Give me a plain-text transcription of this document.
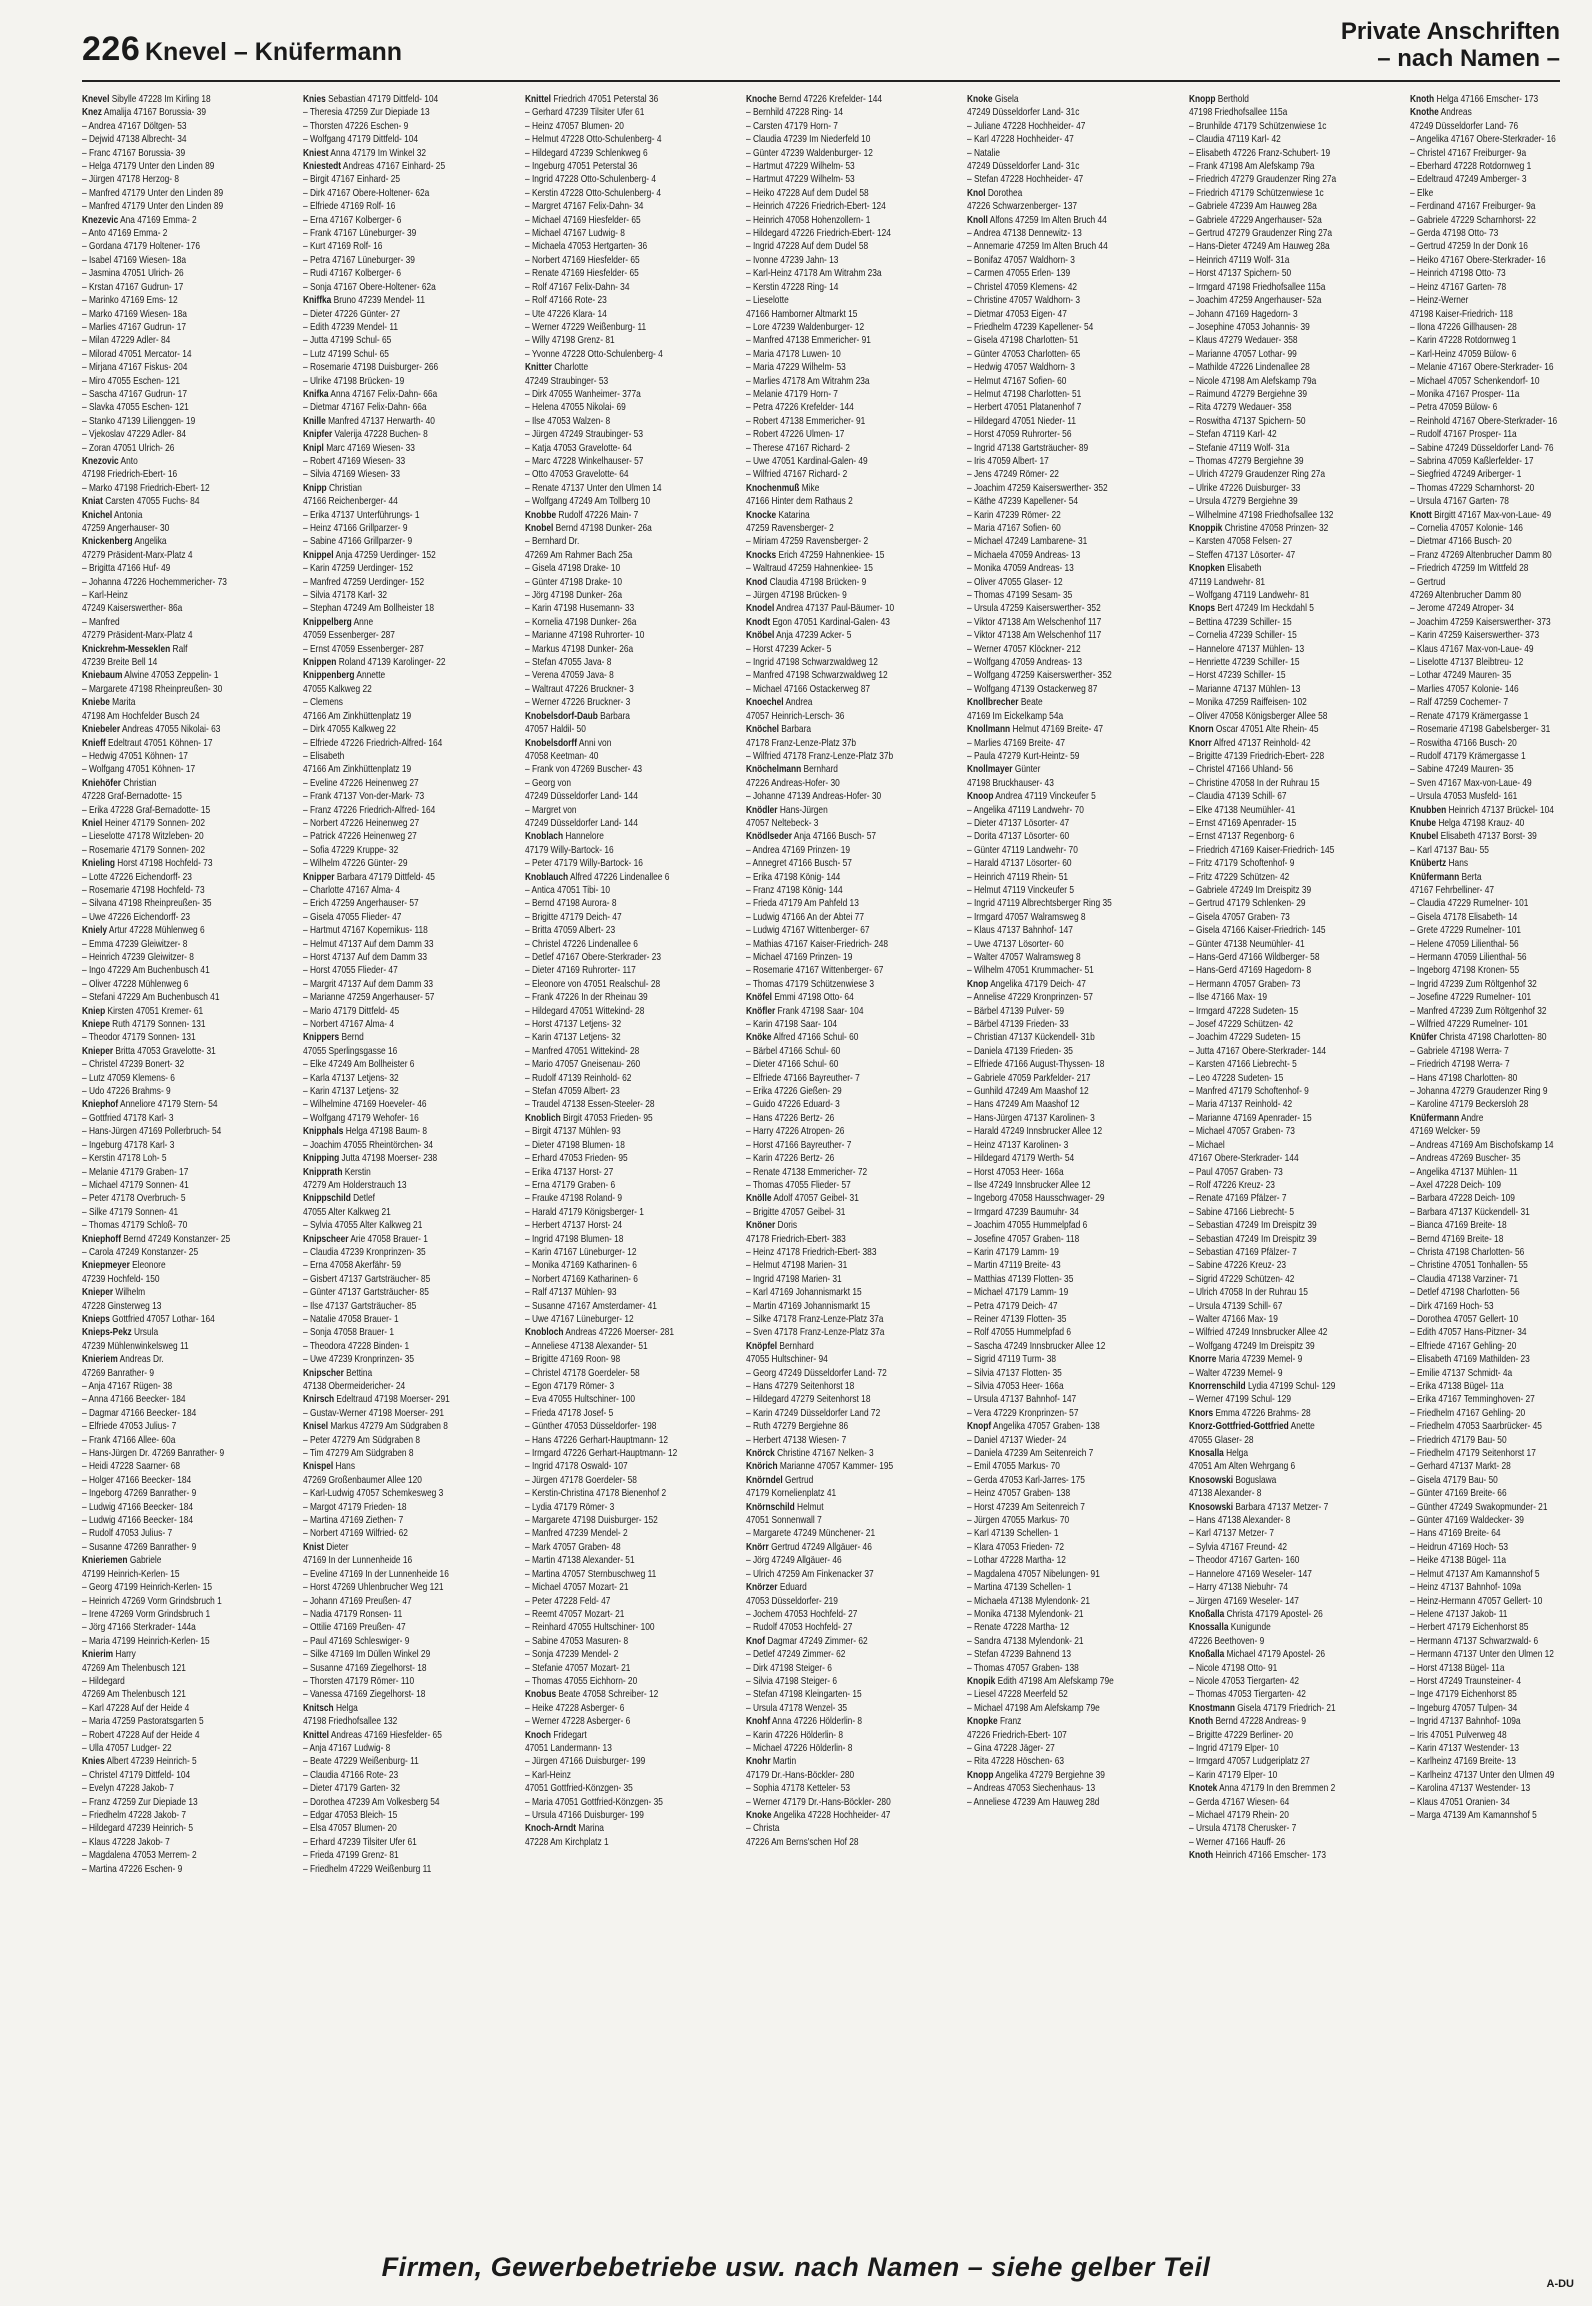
226 Knevel – Knüfermann
Private Anschriften
– nach Namen –
Knevel Sibylle 47228 Im Kirling 18
Knez Amalija 47167 Borussia- 39
– Andrea 47167 Döltgen- 53
– Dejwid 47138 Albrecht- 34
– Franc 47167 Borussia- 39
– Helga 47179 Unter den Linden 89
– Jürgen 47178 Herzog- 8
– Manfred 47179 Unter den Linden 89
– Manfred 47179 Unter den Linden 89
Knezevic Ana 47169 Emma- 2
– Anto 47169 Emma- 2
– Gordana 47179 Holtener- 176
– Isabel 47169 Wiesen- 18a
– Jasmina 47051 Ulrich- 26
– Krstan 47167 Gudrun- 17
– Marinko 47169 Ems- 12
– Marko 47169 Wiesen- 18a
– Marlies 47167 Gudrun- 17
– Milan 47229 Adler- 84
– Milorad 47051 Mercator- 14
– Mirjana 47167 Fiskus- 204
– Miro 47055 Eschen- 121
– Sascha 47167 Gudrun- 17
– Slavka 47055 Eschen- 121
– Stanko 47139 Lilienggen- 19
– Vjekoslav 47229 Adler- 84
– Zoran 47051 Ulrich- 26
Knezovic Anto
47198 Friedrich-Ebert- 16
– Marko 47198 Friedrich-Ebert- 12
Kniat Carsten 47055 Fuchs- 84
Knichel Antonia
47259 Angerhauser- 30
Knickenberg Angelika
47279 Präsident-Marx-Platz 4
– Brigitta 47166 Huf- 49
– Johanna 47226 Hochemmericher- 73
– Karl-Heinz
47249 Kaiserswerther- 86a
– Manfred
47279 Präsident-Marx-Platz 4
Knickrehm-Messeklen Ralf
47239 Breite Bell 14
Kniebaum Alwine 47053 Zeppelin- 1
– Margarete 47198 Rheinpreußen- 30
Kniebe Marita
47198 Am Hochfelder Busch 24
Kniebeler Andreas 47055 Nikolai- 63
Knieff Edeltraut 47051 Köhnen- 17
– Hedwig 47051 Köhnen- 17
– Wolfgang 47051 Köhnen- 17
Kniehöfer Christian
47228 Graf-Bernadotte- 15
– Erika 47228 Graf-Bernadotte- 15
Kniel Heiner 47179 Sonnen- 202
– Lieselotte 47178 Witzleben- 20
– Rosemarie 47179 Sonnen- 202
Knieling Horst 47198 Hochfeld- 73
– Lotte 47226 Eichendorff- 23
– Rosemarie 47198 Hochfeld- 73
– Silvana 47198 Rheinpreußen- 35
– Uwe 47226 Eichendorff- 23
Kniely Artur 47228 Mühlenweg 6
– Emma 47239 Gleiwitzer- 8
– Heinrich 47239 Gleiwitzer- 8
– Ingo 47229 Am Buchenbusch 41
– Oliver 47228 Mühlenweg 6
– Stefani 47229 Am Buchenbusch 41
Kniep Kirsten 47051 Kremer- 61
Kniepe Ruth 47179 Sonnen- 131
– Theodor 47179 Sonnen- 131
Knieper Britta 47053 Gravelotte- 31
– Christel 47239 Bonert- 32
– Lutz 47059 Klemens- 6
– Udo 47226 Brahms- 9
Kniephof Anneliore 47179 Stern- 54
– Gottfried 47178 Karl- 3
– Hans-Jürgen 47169 Pollerbruch- 54
– Ingeburg 47178 Karl- 3
– Kerstin 47178 Loh- 5
– Melanie 47179 Graben- 17
– Michael 47179 Sonnen- 41
– Peter 47178 Overbruch- 5
– Silke 47179 Sonnen- 41
– Thomas 47179 Schloß- 70
Kniephoff Bernd 47249 Konstanzer- 25
– Carola 47249 Konstanzer- 25
Kniepmeyer Eleonore
47239 Hochfeld- 150
Knieper Wilhelm
47228 Ginsterweg 13
Knieps Gottfried 47057 Lothar- 164
Knieps-Pekz Ursula
47239 Mühlenwinkelsweg 11
Knieriem Andreas Dr.
47269 Banrather- 9
– Anja 47167 Rügen- 38
– Anna 47166 Beecker- 184
– Dagmar 47166 Beecker- 184
– Elfriede 47053 Julius- 7
– Frank 47166 Allee- 60a
– Hans-Jürgen Dr. 47269 Banrather- 9
– Heidi 47228 Saarner- 68
– Holger 47166 Beecker- 184
– Ingeborg 47269 Banrather- 9
– Ludwig 47166 Beecker- 184
– Ludwig 47166 Beecker- 184
– Rudolf 47053 Julius- 7
– Susanne 47269 Banrather- 9
Knieriemen Gabriele
47199 Heinrich-Kerlen- 15
– Georg 47199 Heinrich-Kerlen- 15
– Heinrich 47269 Vorm Grindsbruch 1
– Irene 47269 Vorm Grindsbruch 1
– Jörg 47166 Sterkrader- 144a
– Maria 47199 Heinrich-Kerlen- 15
Knierim Harry
47269 Am Thelenbusch 121
– Hildegard
47269 Am Thelenbusch 121
– Karl 47228 Auf der Heide 4
– Maria 47259 Pastoratsgarten 5
– Robert 47228 Auf der Heide 4
– Ulla 47057 Ludger- 22
Knies Albert 47239 Heinrich- 5
– Christel 47179 Dittfeld- 104
– Evelyn 47228 Jakob- 7
– Franz 47259 Zur Diepiade 13
– Friedhelm 47228 Jakob- 7
– Hildegard 47239 Heinrich- 5
– Klaus 47228 Jakob- 7
– Magdalena 47053 Merrem- 2
– Martina 47226 Eschen- 9
Knies Sebastian 47179 Dittfeld- 104
– Theresia 47259 Zur Diepiade 13
– Thorsten 47226 Eschen- 9
– Wolfgang 47179 Dittfeld- 104
Kniest Anna 47179 Im Winkel 32
Kniestedt Andreas 47167 Einhard- 25
– Birgit 47167 Einhard- 25
– Dirk 47167 Obere-Holtener- 62a
– Elfriede 47169 Rolf- 16
– Erna 47167 Kolberger- 6
– Frank 47167 Lüneburger- 39
– Kurt 47169 Rolf- 16
– Petra 47167 Lüneburger- 39
– Rudi 47167 Kolberger- 6
– Sonja 47167 Obere-Holtener- 62a
Kniffka Bruno 47239 Mendel- 11
– Dieter 47226 Günter- 27
– Edith 47239 Mendel- 11
– Jutta 47199 Schul- 65
– Lutz 47199 Schul- 65
– Rosemarie 47198 Duisburger- 266
– Ulrike 47198 Brücken- 19
Knifka Anna 47167 Felix-Dahn- 66a
– Dietmar 47167 Felix-Dahn- 66a
Knille Manfred 47137 Herwarth- 40
Knipfer Valerija 47228 Buchen- 8
Knipl Marc 47169 Wiesen- 33
– Robert 47169 Wiesen- 33
– Silvia 47169 Wiesen- 33
Knipp Christian
47166 Reichenberger- 44
– Erika 47137 Unterführungs- 1
– Heinz 47166 Grillparzer- 9
– Sabine 47166 Grillparzer- 9
Knippel Anja 47259 Uerdinger- 152
– Karin 47259 Uerdinger- 152
– Manfred 47259 Uerdinger- 152
– Silvia 47178 Karl- 32
– Stephan 47249 Am Bollheister 18
Knippelberg Anne
47059 Essenberger- 287
– Ernst 47059 Essenberger- 287
Knippen Roland 47139 Karolinger- 22
Knippenberg Annette
47055 Kalkweg 22
– Clemens
47166 Am Zinkhüttenplatz 19
– Dirk 47055 Kalkweg 22
– Elfriede 47226 Friedrich-Alfred- 164
– Elisabeth
47166 Am Zinkhüttenplatz 19
– Eveline 47226 Heinenweg 27
– Frank 47137 Von-der-Mark- 73
– Franz 47226 Friedrich-Alfred- 164
– Norbert 47226 Heinenweg 27
– Patrick 47226 Heinenweg 27
– Sofia 47229 Kruppe- 32
– Wilhelm 47226 Günter- 29
Knipper Barbara 47179 Dittfeld- 45
– Charlotte 47167 Alma- 4
– Erich 47259 Angerhauser- 57
– Gisela 47055 Flieder- 47
– Hartmut 47167 Kopernikus- 118
– Helmut 47137 Auf dem Damm 33
– Horst 47137 Auf dem Damm 33
– Horst 47055 Flieder- 47
– Margrit 47137 Auf dem Damm 33
– Marianne 47259 Angerhauser- 57
– Mario 47179 Dittfeld- 45
– Norbert 47167 Alma- 4
Knippers Bernd
47055 Sperlingsgasse 16
– Elke 47249 Am Bollheister 6
– Karla 47137 Letjens- 32
– Karin 47137 Letjens- 32
– Wilhelmine 47169 Hoeveler- 46
– Wolfgang 47179 Wehofer- 16
Knipphals Helga 47198 Baum- 8
– Joachim 47055 Rheintörchen- 34
Knipping Jutta 47198 Moerser- 238
Knipprath Kerstin
47279 Am Holderstrauch 13
Knippschild Detlef
47055 Alter Kalkweg 21
– Sylvia 47055 Alter Kalkweg 21
Knipscheer Arie 47058 Brauer- 1
– Claudia 47239 Kronprinzen- 35
– Erna 47058 Akerfähr- 59
– Gisbert 47137 Gartsträucher- 85
– Günter 47137 Gartsträucher- 85
– Ilse 47137 Gartsträucher- 85
– Natalie 47058 Brauer- 1
– Sonja 47058 Brauer- 1
– Theodora 47228 Binden- 1
– Uwe 47239 Kronprinzen- 35
Knipscher Bettina
47138 Obermeidericher- 24
Knirsch Edeltraud 47198 Moerser- 291
– Gustav-Werner 47198 Moerser- 291
Knisel Markus 47279 Am Südgraben 8
– Peter 47279 Am Südgraben 8
– Tim 47279 Am Südgraben 8
Knispel Hans
47269 Großenbaumer Allee 120
– Karl-Ludwig 47057 Schemkesweg 3
– Margot 47179 Frieden- 18
– Martina 47169 Ziethen- 7
– Norbert 47169 Wilfried- 62
Knist Dieter
47169 In der Lunnenheide 16
– Eveline 47169 In der Lunnenheide 16
– Horst 47269 Uhlenbrucher Weg 121
– Johann 47169 Preußen- 47
– Nadia 47179 Ronsen- 11
– Ottilie 47169 Preußen- 47
– Paul 47169 Schleswiger- 9
– Silke 47169 Im Düllen Winkel 29
– Susanne 47169 Ziegelhorst- 18
– Thorsten 47179 Römer- 110
– Vanessa 47169 Ziegelhorst- 18
Knitsch Helga
47198 Friedhofsallee 132
Knittel Andreas 47169 Hiesfelder- 65
– Anja 47167 Ludwig- 8
– Beate 47229 Weißenburg- 11
– Claudia 47166 Rote- 23
– Dieter 47179 Garten- 32
– Dorothea 47239 Am Volkesberg 54
– Edgar 47053 Bleich- 15
– Elsa 47057 Blumen- 20
– Erhard 47239 Tilsiter Ufer 61
– Frieda 47199 Grenz- 81
– Friedhelm 47229 Weißenburg 11
Knittel Friedrich 47051 Peterstal 36
– Gerhard 47239 Tilsiter Ufer 61
– Heinz 47057 Blumen- 20
– Helmut 47228 Otto-Schulenberg- 4
– Hildegard 47239 Schlenkweg 6
– Ingeburg 47051 Peterstal 36
– Ingrid 47228 Otto-Schulenberg- 4
– Kerstin 47228 Otto-Schulenberg- 4
– Margret 47167 Felix-Dahn- 34
– Michael 47169 Hiesfelder- 65
– Michael 47167 Ludwig- 8
– Michaela 47053 Hertgarten- 36
– Norbert 47169 Hiesfelder- 65
– Renate 47169 Hiesfelder- 65
– Rolf 47167 Felix-Dahn- 34
– Rolf 47166 Rote- 23
– Ute 47226 Klara- 14
– Werner 47229 Weißenburg- 11
– Willy 47198 Grenz- 81
– Yvonne 47228 Otto-Schulenberg- 4
Knitter Charlotte
47249 Straubinger- 53
– Dirk 47055 Wanheimer- 377a
– Helena 47055 Nikolai- 69
– Ilse 47053 Walzen- 8
– Jürgen 47249 Straubinger- 53
– Katja 47053 Gravelotte- 64
– Marc 47228 Winkelhauser- 57
– Otto 47053 Gravelotte- 64
– Renate 47137 Unter den Ulmen 14
– Wolfgang 47249 Am Tollberg 10
Knobbe Rudolf 47226 Main- 7
Knobel Bernd 47198 Dunker- 26a
– Bernhard Dr.
47269 Am Rahmer Bach 25a
– Gisela 47198 Drake- 10
– Günter 47198 Drake- 10
– Jörg 47198 Dunker- 26a
– Karin 47198 Husemann- 33
– Kornelia 47198 Dunker- 26a
– Marianne 47198 Ruhrorter- 10
– Markus 47198 Dunker- 26a
– Stefan 47055 Java- 8
– Verena 47059 Java- 8
– Waltraut 47226 Bruckner- 3
– Werner 47226 Bruckner- 3
Knobelsdorf-Daub Barbara
47057 Haldil- 50
Knobelsdorff Anni von
47058 Keetman- 40
– Frank von 47269 Buscher- 43
– Georg von
47249 Düsseldorfer Land- 144
– Margret von
47249 Düsseldorfer Land- 144
Knoblach Hannelore
47179 Willy-Bartock- 16
– Peter 47179 Willy-Bartock- 16
Knoblauch Alfred 47226 Lindenallee 6
– Antica 47051 Tibi- 10
– Bernd 47198 Aurora- 8
– Brigitte 47179 Deich- 47
– Britta 47059 Albert- 23
– Christel 47226 Lindenallee 6
– Detlef 47167 Obere-Sterkrader- 23
– Dieter 47169 Ruhrorter- 117
– Eleonore von 47051 Realschul- 28
– Frank 47226 In der Rheinau 39
– Hildegard 47051 Wittekind- 28
– Horst 47137 Letjens- 32
– Karin 47137 Letjens- 32
– Manfred 47051 Wittekind- 28
– Mario 47057 Gneisenau- 260
– Rudolf 47139 Reinhold- 62
– Stefan 47059 Albert- 23
– Traudel 47138 Essen-Steeler- 28
Knoblich Birgit 47053 Frieden- 95
– Birgit 47137 Mühlen- 93
– Dieter 47198 Blumen- 18
– Erhard 47053 Frieden- 95
– Erika 47137 Horst- 27
– Erna 47179 Graben- 6
– Frauke 47198 Roland- 9
– Harald 47179 Königsberger- 1
– Herbert 47137 Horst- 24
– Ingrid 47198 Blumen- 18
– Karin 47167 Lüneburger- 12
– Monika 47169 Katharinen- 6
– Norbert 47169 Katharinen- 6
– Ralf 47137 Mühlen- 93
– Susanne 47167 Amsterdamer- 41
– Uwe 47167 Lüneburger- 12
Knobloch Andreas 47226 Moerser- 281
– Anneliese 47138 Alexander- 51
– Brigitte 47169 Roon- 98
– Christel 47178 Goerdeler- 58
– Egon 47179 Römer- 3
– Eva 47055 Hultschiner- 100
– Frieda 47178 Josef- 5
– Günther 47053 Düsseldorfer- 198
– Hans 47226 Gerhart-Hauptmann- 12
– Irmgard 47226 Gerhart-Hauptmann- 12
– Ingrid 47178 Oswald- 107
– Jürgen 47178 Goerdeler- 58
– Kerstin-Christina 47178 Bienenhof 2
– Lydia 47179 Römer- 3
– Margarete 47198 Duisburger- 152
– Manfred 47239 Mendel- 2
– Mark 47057 Graben- 48
– Martin 47138 Alexander- 51
– Martina 47057 Sternbuschweg 11
– Michael 47057 Mozart- 21
– Peter 47228 Feld- 47
– Reemt 47057 Mozart- 21
– Reinhard 47055 Hultschiner- 100
– Sabine 47053 Masuren- 8
– Sonja 47239 Mendel- 2
– Stefanie 47057 Mozart- 21
– Thomas 47055 Eichhorn- 20
Knobus Beate 47058 Schreiber- 12
– Heike 47228 Asberger- 6
– Werner 47228 Asberger- 6
Knoch Fridegart
47051 Landermann- 13
– Jürgen 47166 Duisburger- 199
– Karl-Heinz
47051 Gottfried-Könzgen- 35
– Maria 47051 Gottfried-Könzgen- 35
– Ursula 47166 Duisburger- 199
Knoch-Arndt Marina
47228 Am Kirchplatz 1
Knoche Bernd 47226 Krefelder- 144
– Bernhild 47228 Ring- 14
– Carsten 47179 Horn- 7
– Claudia 47239 Im Niederfeld 10
– Günter 47239 Waldenburger- 12
– Hartmut 47229 Wilhelm- 53
– Hartmut 47229 Wilhelm- 53
– Heiko 47228 Auf dem Dudel 58
– Heinrich 47226 Friedrich-Ebert- 124
– Heinrich 47058 Hohenzollern- 1
– Hildegard 47226 Friedrich-Ebert- 124
– Ingrid 47228 Auf dem Dudel 58
– Ivonne 47239 Jahn- 13
– Karl-Heinz 47178 Am Witrahm 23a
– Kerstin 47228 Ring- 14
– Lieselotte
47166 Hamborner Altmarkt 15
– Lore 47239 Waldenburger- 12
– Manfred 47138 Emmericher- 91
– Maria 47178 Luwen- 10
– Maria 47229 Wilhelm- 53
– Marlies 47178 Am Witrahm 23a
– Melanie 47179 Horn- 7
– Petra 47226 Krefelder- 144
– Robert 47138 Emmericher- 91
– Robert 47226 Ulmen- 17
– Therese 47167 Richard- 2
– Uwe 47051 Kardinal-Galen- 49
– Wilfried 47167 Richard- 2
Knochenmuß Mike
47166 Hinter dem Rathaus 2
Knocke Katarina
47259 Ravensberger- 2
– Miriam 47259 Ravensberger- 2
Knocks Erich 47259 Hahnenkiee- 15
– Waltraud 47259 Hahnenkiee- 15
Knod Claudia 47198 Brücken- 9
– Jürgen 47198 Brücken- 9
Knodel Andrea 47137 Paul-Bäumer- 10
Knodt Egon 47051 Kardinal-Galen- 43
Knöbel Anja 47239 Acker- 5
– Horst 47239 Acker- 5
– Ingrid 47198 Schwarzwaldweg 12
– Manfred 47198 Schwarzwaldweg 12
– Michael 47166 Ostackerweg 87
Knoechel Andrea
47057 Heinrich-Lersch- 36
Knöchel Barbara
47178 Franz-Lenze-Platz 37b
– Wilfried 47178 Franz-Lenze-Platz 37b
Knöchelmann Bernhard
47226 Andreas-Hofer- 30
– Johanne 47139 Andreas-Hofer- 30
Knödler Hans-Jürgen
47057 Neltebeck- 3
Knödlseder Anja 47166 Busch- 57
– Andrea 47169 Prinzen- 19
– Annegret 47166 Busch- 57
– Erika 47198 König- 144
– Franz 47198 König- 144
– Frieda 47179 Am Pahfeld 13
– Ludwig 47166 An der Abtei 77
– Ludwig 47167 Wittenberger- 67
– Mathias 47167 Kaiser-Friedrich- 248
– Michael 47169 Prinzen- 19
– Rosemarie 47167 Wittenberger- 67
– Thomas 47179 Schützenwiese 3
Knöfel Emmi 47198 Otto- 64
Knöfler Frank 47198 Saar- 104
– Karin 47198 Saar- 104
Knöke Alfred 47166 Schul- 60
– Bärbel 47166 Schul- 60
– Dieter 47166 Schul- 60
– Elfriede 47166 Bayreuther- 7
– Erika 47226 Gießen- 29
– Guido 47226 Eduard- 3
– Hans 47226 Bertz- 26
– Harry 47226 Atropen- 26
– Horst 47166 Bayreuther- 7
– Karin 47226 Bertz- 26
– Renate 47138 Emmericher- 72
– Thomas 47055 Flieder- 57
Knölle Adolf 47057 Geibel- 31
– Brigitte 47057 Geibel- 31
Knöner Doris
47178 Friedrich-Ebert- 383
– Heinz 47178 Friedrich-Ebert- 383
– Helmut 47198 Marien- 31
– Ingrid 47198 Marien- 31
– Karl 47169 Johannismarkt 15
– Martin 47169 Johannismarkt 15
– Silke 47178 Franz-Lenze-Platz 37a
– Sven 47178 Franz-Lenze-Platz 37a
Knöpfel Bernhard
47055 Hultschiner- 94
– Georg 47249 Düsseldorfer Land- 72
– Hans 47279 Seitenhorst 18
– Hildegard 47279 Seitenhorst 18
– Karin 47249 Düsseldorfer Land 72
– Ruth 47279 Bergiehne 86
– Herbert 47138 Wiesen- 7
Knörck Christine 47167 Nelken- 3
Knörich Marianne 47057 Kammer- 195
Knörndel Gertrud
47179 Kornelienplatz 41
Knörnschild Helmut
47051 Sonnenwall 7
– Margarete 47249 Münchener- 21
Knörr Gertrud 47249 Allgäuer- 46
– Jörg 47249 Allgäuer- 46
– Ulrich 47259 Am Finkenacker 37
Knörzer Eduard
47053 Düsseldorfer- 219
– Jochem 47053 Hochfeld- 27
– Rudolf 47053 Hochfeld- 27
Knof Dagmar 47249 Zimmer- 62
– Detlef 47249 Zimmer- 62
– Dirk 47198 Steiger- 6
– Silvia 47198 Steiger- 6
– Stefan 47198 Kleingarten- 15
– Ursula 47178 Wenzel- 35
Knohf Anna 47226 Hölderlin- 8
– Karin 47226 Hölderlin- 8
– Michael 47226 Hölderlin- 8
Knohr Martin
47179 Dr.-Hans-Böckler- 280
– Sophia 47178 Ketteler- 53
– Werner 47179 Dr.-Hans-Böckler- 280
Knoke Angelika 47228 Hochheider- 47
– Christa
47226 Am Berns'schen Hof 28
Knoke Gisela
47249 Düsseldorfer Land- 31c
– Juliane 47228 Hochheider- 47
– Karl 47228 Hochheider- 47
– Natalie
47249 Düsseldorfer Land- 31c
– Stefan 47228 Hochheider- 47
Knol Dorothea
47226 Schwarzenberger- 137
Knoll Alfons 47259 Im Alten Bruch 44
– Andrea 47138 Dennewitz- 13
– Annemarie 47259 Im Alten Bruch 44
– Bonifaz 47057 Waldhorn- 3
– Carmen 47055 Erlen- 139
– Christel 47059 Klemens- 42
– Christine 47057 Waldhorn- 3
– Dietmar 47053 Eigen- 47
– Friedhelm 47239 Kapellener- 54
– Gisela 47198 Charlotten- 51
– Günter 47053 Charlotten- 65
– Hedwig 47057 Waldhorn- 3
– Helmut 47167 Sofien- 60
– Helmut 47198 Charlotten- 51
– Herbert 47051 Platanenhof 7
– Hildegard 47051 Nieder- 11
– Horst 47059 Ruhrorter- 56
– Ingrid 47138 Gartsträucher- 89
– Iris 47059 Albert- 17
– Jens 47249 Römer- 22
– Joachim 47259 Kaiserswerther- 352
– Käthe 47239 Kapellener- 54
– Karin 47239 Römer- 22
– Maria 47167 Sofien- 60
– Michael 47249 Lambarene- 31
– Michaela 47059 Andreas- 13
– Monika 47059 Andreas- 13
– Oliver 47055 Glaser- 12
– Thomas 47199 Sesam- 35
– Ursula 47259 Kaiserswerther- 352
– Viktor 47138 Am Welschenhof 117
– Viktor 47138 Am Welschenhof 117
– Werner 47057 Klöckner- 212
– Wolfgang 47059 Andreas- 13
– Wolfgang 47259 Kaiserswerther- 352
– Wolfgang 47139 Ostackerweg 87
Knollbrecher Beate
47169 Im Eickelkamp 54a
Knollmann Helmut 47169 Breite- 47
– Marlies 47169 Breite- 47
– Paula 47279 Kurt-Heintz- 59
Knollmayer Günter
47198 Bruckhauser- 43
Knoop Andrea 47119 Vinckeufer 5
– Angelika 47119 Landwehr- 70
– Dieter 47137 Lösorter- 47
– Dorita 47137 Lösorter- 60
– Günter 47119 Landwehr- 70
– Harald 47137 Lösorter- 60
– Heinrich 47119 Rhein- 51
– Helmut 47119 Vinckeufer 5
– Ingrid 47119 Albrechtsberger Ring 35
– Irmgard 47057 Walramsweg 8
– Klaus 47137 Bahnhof- 147
– Uwe 47137 Lösorter- 60
– Walter 47057 Walramsweg 8
– Wilhelm 47051 Krummacher- 51
Knop Angelika 47179 Deich- 47
– Annelise 47229 Kronprinzen- 57
– Bärbel 47139 Pulver- 59
– Bärbel 47139 Frieden- 33
– Christian 47137 Kückendell- 31b
– Daniela 47139 Frieden- 35
– Elfriede 47166 August-Thyssen- 18
– Gabriele 47059 Parkfelder- 217
– Gunhild 47249 Am Maashof 12
– Hans 47249 Am Maashof 12
– Hans-Jürgen 47137 Karolinen- 3
– Harald 47249 Innsbrucker Allee 12
– Heinz 47137 Karolinen- 3
– Hildegard 47179 Werth- 54
– Horst 47053 Heer- 166a
– Ilse 47249 Innsbrucker Allee 12
– Ingeborg 47058 Hausschwager- 29
– Irmgard 47239 Baumuhr- 34
– Joachim 47055 Hummelpfad 6
– Josefine 47057 Graben- 118
– Karin 47179 Lamm- 19
– Martin 47119 Breite- 43
– Matthias 47139 Flotten- 35
– Michael 47179 Lamm- 19
– Petra 47179 Deich- 47
– Reiner 47139 Flotten- 35
– Rolf 47055 Hummelpfad 6
– Sascha 47249 Innsbrucker Allee 12
– Sigrid 47119 Turm- 38
– Silvia 47137 Flotten- 35
– Silvia 47053 Heer- 166a
– Ursula 47137 Bahnhof- 147
– Vera 47229 Kronprinzen- 57
Knopf Angelika 47057 Graben- 138
– Daniel 47137 Wieder- 24
– Daniela 47239 Am Seitenreich 7
– Emil 47055 Markus- 70
– Gerda 47053 Karl-Jarres- 175
– Heinz 47057 Graben- 138
– Horst 47239 Am Seitenreich 7
– Jürgen 47055 Markus- 70
– Karl 47139 Schellen- 1
– Klara 47053 Frieden- 72
– Lothar 47228 Martha- 12
– Magdalena 47057 Nibelungen- 91
– Martina 47139 Schellen- 1
– Michaela 47138 Mylendonk- 21
– Monika 47138 Mylendonk- 21
– Renate 47228 Martha- 12
– Sandra 47138 Mylendonk- 21
– Stefan 47239 Bahnend 13
– Thomas 47057 Graben- 138
Knopik Edith 47198 Am Alefskamp 79e
– Liesel 47228 Meerfeld 52
– Michael 47198 Am Alefskamp 79e
Knopke Franz
47226 Friedrich-Ebert- 107
– Gina 47228 Jäger- 27
– Rita 47228 Höschen- 63
Knopp Angelika 47279 Bergiehne 39
– Andreas 47053 Siechenhaus- 13
– Anneliese 47239 Am Hauweg 28d
Knopp Berthold
47198 Friedhofsallee 115a
– Brunhilde 47179 Schützenwiese 1c
– Claudia 47119 Karl- 42
– Elisabeth 47226 Franz-Schubert- 19
– Frank 47198 Am Alefskamp 79a
– Friedrich 47279 Graudenzer Ring 27a
– Friedrich 47179 Schützenwiese 1c
– Gabriele 47239 Am Hauweg 28a
– Gabriele 47229 Angerhauser- 52a
– Gertrud 47279 Graudenzer Ring 27a
– Hans-Dieter 47249 Am Hauweg 28a
– Heinrich 47119 Wolf- 31a
– Horst 47137 Spichern- 50
– Irmgard 47198 Friedhofsallee 115a
– Joachim 47259 Angerhauser- 52a
– Johann 47169 Hagedorn- 3
– Josephine 47053 Johannis- 39
– Klaus 47279 Wedauer- 358
– Marianne 47057 Lothar- 99
– Mathilde 47226 Lindenallee 28
– Nicole 47198 Am Alefskamp 79a
– Raimund 47279 Bergiehne 39
– Rita 47279 Wedauer- 358
– Roswitha 47137 Spichern- 50
– Stefan 47119 Karl- 42
– Stefanie 47119 Wolf- 31a
– Thomas 47279 Bergiehne 39
– Ulrich 47279 Graudenzer Ring 27a
– Ulrike 47226 Duisburger- 33
– Ursula 47279 Bergiehne 39
– Wilhelmine 47198 Friedhofsallee 132
Knoppik Christine 47058 Prinzen- 32
– Karsten 47058 Felsen- 27
– Steffen 47137 Lösorter- 47
Knopken Elisabeth
47119 Landwehr- 81
– Wolfgang 47119 Landwehr- 81
Knops Bert 47249 Im Heckdahl 5
– Bettina 47239 Schiller- 15
– Cornelia 47239 Schiller- 15
– Hannelore 47137 Mühlen- 13
– Henriette 47239 Schiller- 15
– Horst 47239 Schiller- 15
– Marianne 47137 Mühlen- 13
– Monika 47259 Raiffeisen- 102
– Oliver 47058 Königsberger Allee 58
Knorn Oscar 47051 Alte Rhein- 45
Knorr Alfred 47137 Reinhold- 42
– Brigitte 47139 Friedrich-Ebert- 228
– Christel 47166 Uhland- 56
– Christine 47058 In der Ruhrau 15
– Claudia 47139 Schill- 67
– Elke 47138 Neumühler- 41
– Ernst 47169 Apenrader- 15
– Ernst 47137 Regenborg- 6
– Friedrich 47169 Kaiser-Friedrich- 145
– Fritz 47179 Schoftenhof- 9
– Fritz 47229 Schützen- 42
– Gabriele 47249 Im Dreispitz 39
– Gertrud 47179 Schlenken- 29
– Gisela 47057 Graben- 73
– Gisela 47166 Kaiser-Friedrich- 145
– Günter 47138 Neumühler- 41
– Hans-Gerd 47166 Wildberger- 58
– Hans-Gerd 47169 Hagedorn- 8
– Hermann 47057 Graben- 73
– Ilse 47166 Max- 19
– Irmgard 47228 Sudeten- 15
– Josef 47229 Schützen- 42
– Joachim 47229 Sudeten- 15
– Jutta 47167 Obere-Sterkrader- 144
– Karsten 47166 Liebrecht- 5
– Leo 47228 Sudeten- 15
– Manfred 47179 Schoftenhof- 9
– Maria 47137 Reinhold- 42
– Marianne 47169 Apenrader- 15
– Michael 47057 Graben- 73
– Michael
47167 Obere-Sterkrader- 144
– Paul 47057 Graben- 73
– Rolf 47226 Kreuz- 23
– Renate 47169 Pfälzer- 7
– Sabine 47166 Liebrecht- 5
– Sebastian 47249 Im Dreispitz 39
– Sebastian 47249 Im Dreispitz 39
– Sebastian 47169 Pfälzer- 7
– Sabine 47226 Kreuz- 23
– Sigrid 47229 Schützen- 42
– Ulrich 47058 In der Ruhrau 15
– Ursula 47139 Schill- 67
– Walter 47166 Max- 19
– Wilfried 47249 Innsbrucker Allee 42
– Wolfgang 47249 Im Dreispitz 39
Knorre Maria 47239 Memel- 9
– Walter 47239 Memel- 9
Knorrenschild Lydia 47199 Schul- 129
– Werner 47199 Schul- 129
Knors Emma 47226 Brahms- 28
Knorz-Gottfried-Gottfried Anette
47055 Glaser- 28
Knosalla Helga
47051 Am Alten Wehrgang 6
Knosowski Boguslawa
47138 Alexander- 8
Knosowski Barbara 47137 Metzer- 7
– Hans 47138 Alexander- 8
– Karl 47137 Metzer- 7
– Sylvia 47167 Freund- 42
– Theodor 47167 Garten- 160
– Hannelore 47169 Weseler- 147
– Harry 47138 Niebuhr- 74
– Jürgen 47169 Weseler- 147
Knoßalla Christa 47179 Apostel- 26
Knossalla Kunigunde
47226 Beethoven- 9
Knoßalla Michael 47179 Apostel- 26
– Nicole 47198 Otto- 91
– Nicole 47053 Tiergarten- 42
– Thomas 47053 Tiergarten- 42
Knostmann Gisela 47179 Friedrich- 21
Knoth Bernd 47228 Andreas- 9
– Brigitte 47229 Berliner- 20
– Ingrid 47179 Elper- 10
– Irmgard 47057 Ludgeriplatz 27
– Karin 47179 Elper- 10
Knotek Anna 47179 In den Bremmen 2
– Gerda 47167 Wiesen- 64
– Michael 47179 Rhein- 20
– Ursula 47178 Cherusker- 7
– Werner 47166 Hauff- 26
Knoth Heinrich 47166 Emscher- 173
Knoth Helga 47166 Emscher- 173
Knothe Andreas
47249 Düsseldorfer Land- 76
– Angelika 47167 Obere-Sterkrader- 16
– Christel 47167 Freiburger- 9a
– Eberhard 47228 Rotdornweg 1
– Edeltraud 47249 Amberger- 3
– Elke
– Ferdinand 47167 Freiburger- 9a
– Gabriele 47229 Scharnhorst- 22
– Gerda 47198 Otto- 73
– Gertrud 47259 In der Donk 16
– Heiko 47167 Obere-Sterkrader- 16
– Heinrich 47198 Otto- 73
– Heinz 47167 Garten- 78
– Heinz-Werner
47198 Kaiser-Friedrich- 118
– Ilona 47226 Gillhausen- 28
– Karin 47228 Rotdornweg 1
– Karl-Heinz 47059 Bülow- 6
– Melanie 47167 Obere-Sterkrader- 16
– Michael 47057 Schenkendorf- 10
– Monika 47167 Prosper- 11a
– Petra 47059 Bülow- 6
– Reinhold 47167 Obere-Sterkrader- 16
– Rudolf 47167 Prosper- 11a
– Sabine 47249 Düsseldorfer Land- 76
– Sabrina 47059 Kaßlerfelder- 17
– Siegfried 47249 Ariberger- 1
– Thomas 47229 Scharnhorst- 20
– Ursula 47167 Garten- 78
Knott Birgitt 47167 Max-von-Laue- 49
– Cornelia 47057 Kolonie- 146
– Dietmar 47166 Busch- 20
– Franz 47269 Altenbrucher Damm 80
– Friedrich 47259 Im Wittfeld 28
– Gertrud
47269 Altenbrucher Damm 80
– Jerome 47249 Atroper- 34
– Joachim 47259 Kaiserswerther- 373
– Karin 47259 Kaiserswerther- 373
– Klaus 47167 Max-von-Laue- 49
– Liselotte 47137 Bleibtreu- 12
– Lothar 47249 Mauren- 35
– Marlies 47057 Kolonie- 146
– Ralf 47259 Cochemer- 7
– Renate 47179 Krämergasse 1
– Rosemarie 47198 Gabelsberger- 31
– Roswitha 47166 Busch- 20
– Rudolf 47179 Krämergasse 1
– Sabine 47249 Mauren- 35
– Sven 47167 Max-von-Laue- 49
– Ursula 47053 Musfeld- 161
Knubben Heinrich 47137 Brückel- 104
Knube Helga 47198 Krauz- 40
Knubel Elisabeth 47137 Borst- 39
– Karl 47137 Bau- 55
Knübertz Hans
Knüfermann Berta
47167 Fehrbelliner- 47
– Claudia 47229 Rumelner- 101
– Gisela 47178 Elisabeth- 14
– Grete 47229 Rumelner- 101
– Helene 47059 Lilienthal- 56
– Hermann 47059 Lilienthal- 56
– Ingeborg 47198 Kronen- 55
– Ingrid 47239 Zum Röltgenhof 32
– Josefine 47229 Rumelner- 101
– Manfred 47239 Zum Röltgenhof 32
– Wilfried 47229 Rumelner- 101
Knüfer Christa 47198 Charlotten- 80
– Gabriele 47198 Werra- 7
– Friedrich 47198 Werra- 7
– Hans 47198 Charlotten- 80
– Johanna 47279 Graudenzer Ring 9
– Karoline 47179 Beckersloh 28
Knüfermann Andre
47169 Welcker- 59
– Andreas 47169 Am Bischofskamp 14
– Andreas 47269 Buscher- 35
– Angelika 47137 Mühlen- 11
– Axel 47228 Deich- 109
– Barbara 47228 Deich- 109
– Barbara 47137 Kückendell- 31
– Bianca 47169 Breite- 18
– Bernd 47169 Breite- 18
– Christa 47198 Charlotten- 56
– Christine 47051 Tonhallen- 55
– Claudia 47138 Varziner- 71
– Detlef 47198 Charlotten- 56
– Dirk 47169 Hoch- 53
– Dorothea 47057 Gellert- 10
– Edith 47057 Hans-Pitzner- 34
– Elfriede 47167 Gehling- 20
– Elisabeth 47169 Mathilden- 23
– Emilie 47137 Schmidt- 4a
– Erika 47138 Bügel- 11a
– Erika 47167 Temminghoven- 27
– Friedhelm 47167 Gehling- 20
– Friedhelm 47053 Saarbrücker- 45
– Friedrich 47179 Bau- 50
– Friedhelm 47179 Seitenhorst 17
– Gerhard 47137 Markt- 28
– Gisela 47179 Bau- 50
– Günter 47169 Breite- 66
– Günther 47249 Swakopmunder- 21
– Günter 47169 Waldecker- 39
– Hans 47169 Breite- 64
– Heidrun 47169 Hoch- 53
– Heike 47138 Bügel- 11a
– Helmut 47137 Am Kamannshof 5
– Heinz 47137 Bahnhof- 109a
– Heinz-Hermann 47057 Gellert- 10
– Helene 47137 Jakob- 11
– Herbert 47179 Eichenhorst 85
– Hermann 47137 Schwarzwald- 6
– Hermann 47137 Unter den Ulmen 12
– Horst 47138 Bügel- 11a
– Horst 47249 Traunsteiner- 4
– Inge 47179 Eichenhorst 85
– Ingeburg 47057 Tulpen- 34
– Ingrid 47137 Bahnhof- 109a
– Iris 47051 Pulverweg 48
– Karin 47137 Westender- 13
– Karlheinz 47169 Breite- 13
– Karlheinz 47137 Unter den Ulmen 49
– Karolina 47137 Westender- 13
– Klaus 47051 Oranien- 34
– Marga 47139 Am Kamannshof 5
Firmen, Gewerbebetriebe usw. nach Namen – siehe gelber Teil
A-DU
